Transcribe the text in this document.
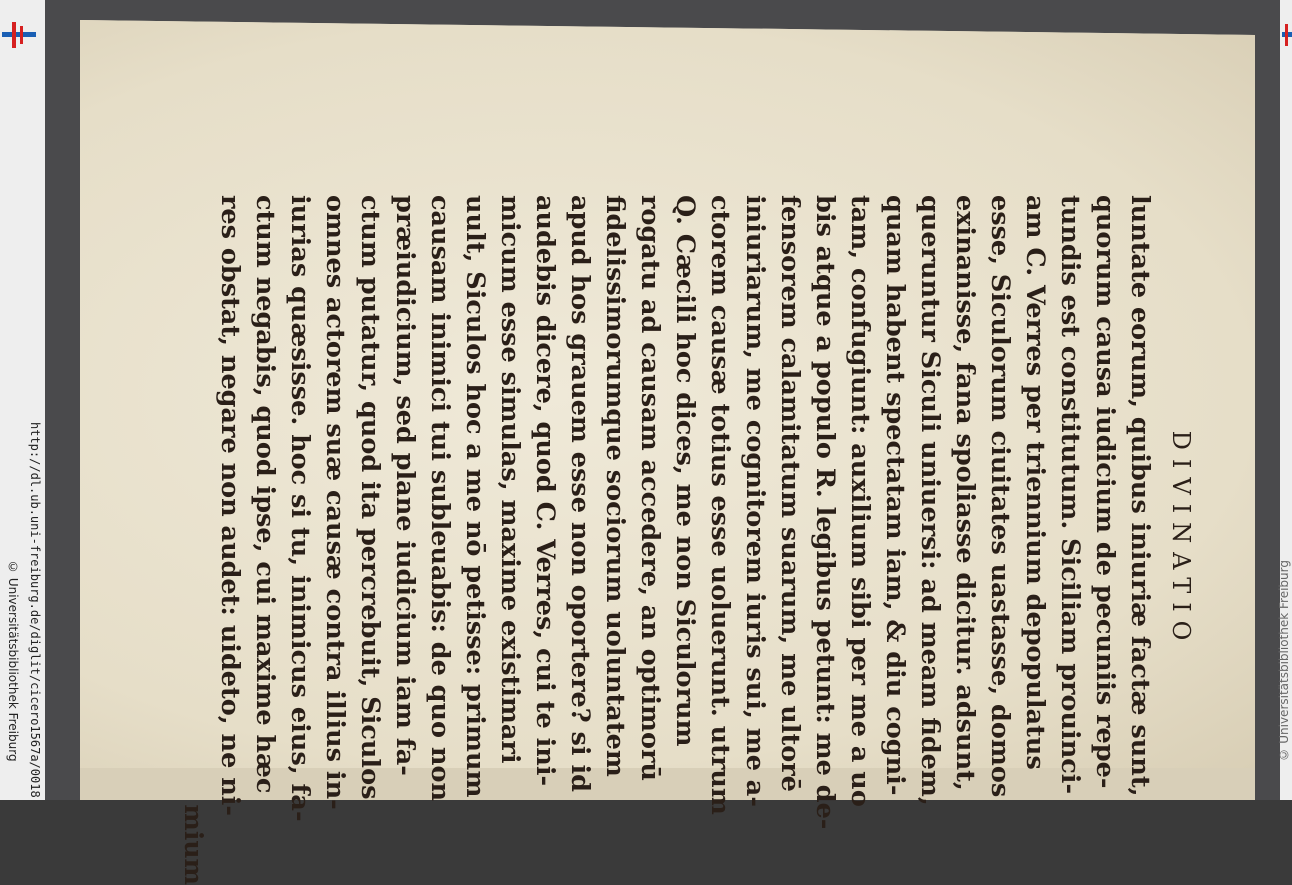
http://dl.ub.uni-freiburg.de/diglit/cicero1567a/0018
© Universitätsbibliothek Freiburg
DIVINATIO
luntate eorum, quibus iniuriæ factæ sunt,
quorum causa iudicium de pecuniis repe-
tundis est constitutum. Siciliam prouinci-
am C. Verres per triennium depopulatus
esse, Siculorum ciuitates uastasse, domos
exinanisse, fana spoliasse dicitur. adsunt,
queruntur Siculi uniuersi: ad meam fidem,
quam habent spectatam iam, & diu cogni-
tam, confugiunt: auxilium sibi per me a uo
bis atque a populo R. legibus petunt: me de-
fensorem calamitatum suarum, me ultorē
iniuriarum, me cognitorem iuris sui, me a-
ctorem causæ totius esse uoluerunt. utrum
Q. Cæcili hoc dices, me non Siculorum
rogatu ad causam accedere, an optimorū
fidelissimorumque sociorum uoluntatem
apud hos grauem esse non oportere? si id
audebis dicere, quod C. Verres, cui te ini-
micum esse simulas, maxime existimari
uult, Siculos hoc a me nō petisse: primum
causam inimici tui subleuabis: de quo non
præiudicium, sed plane iudicium iam fa-
ctum putatur, quod ita percrebuit, Siculos
omnes actorem suæ causæ contra illius in-
iurias quæsisse. hoc si tu, inimicus eius, fa-
ctum negabis, quod ipse, cui maxime hæc
res obstat, negare non audet: uideto, ne ni-
mium
© Universitätsbibliothek Freiburg
